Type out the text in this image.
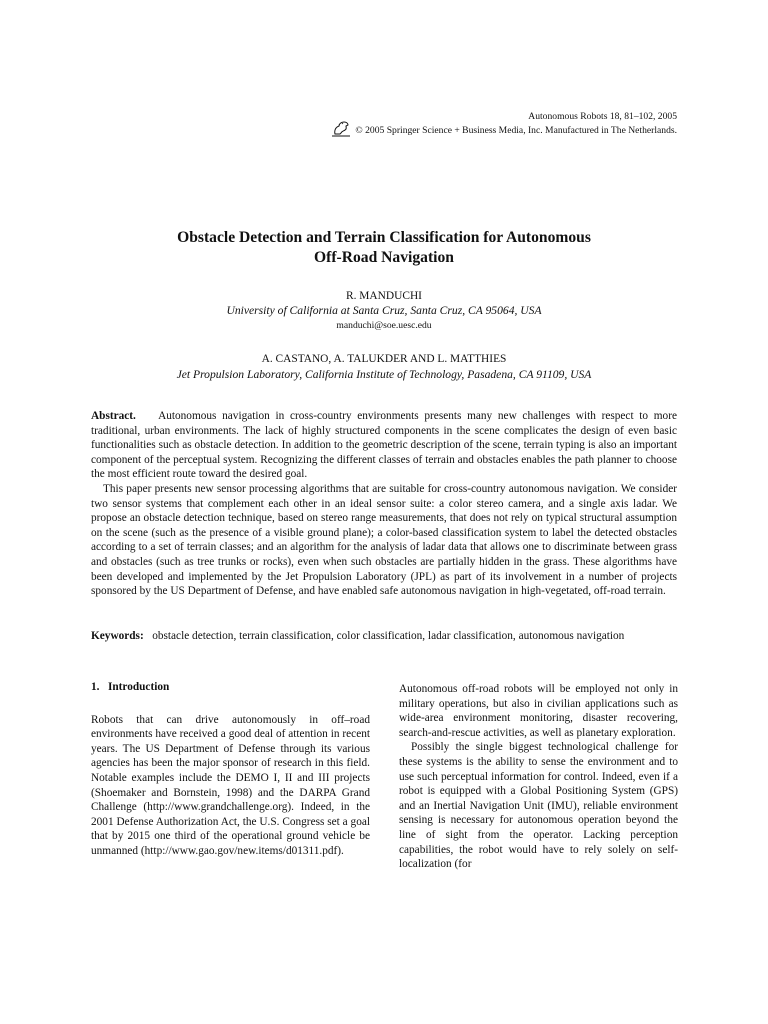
Autonomous Robots 18, 81–102, 2005
© 2005 Springer Science + Business Media, Inc. Manufactured in The Netherlands.
Obstacle Detection and Terrain Classification for Autonomous
Off-Road Navigation
R. MANDUCHI
University of California at Santa Cruz, Santa Cruz, CA 95064, USA
manduchi@soe.uesc.edu
A. CASTANO, A. TALUKDER AND L. MATTHIES
Jet Propulsion Laboratory, California Institute of Technology, Pasadena, CA 91109, USA

Abstract. Autonomous navigation in cross-country environments presents many new challenges with respect to more traditional, urban environments. The lack of highly structured components in the scene complicates the design of even basic functionalities such as obstacle detection. In addition to the geometric description of the scene, terrain typing is also an important component of the perceptual system. Recognizing the different classes of terrain and obstacles enables the path planner to choose the most efficient route toward the desired goal.

This paper presents new sensor processing algorithms that are suitable for cross-country autonomous navigation. We consider two sensor systems that complement each other in an ideal sensor suite: a color stereo camera, and a single axis ladar. We propose an obstacle detection technique, based on stereo range measurements, that does not rely on typical structural assumption on the scene (such as the presence of a visible ground plane); a color-based classification system to label the detected obstacles according to a set of terrain classes; and an algorithm for the analysis of ladar data that allows one to discriminate between grass and obstacles (such as tree trunks or rocks), even when such obstacles are partially hidden in the grass. These algorithms have been developed and implemented by the Jet Propulsion Laboratory (JPL) as part of its involvement in a number of projects sponsored by the US Department of Defense, and have enabled safe autonomous navigation in high-vegetated, off-road terrain.

Keywords: obstacle detection, terrain classification, color classification, ladar classification, autonomous navigation
1. Introduction

Robots that can drive autonomously in off–road environments have received a good deal of attention in recent years. The US Department of Defense through its various agencies has been the major sponsor of research in this field. Notable examples include the DEMO I, II and III projects (Shoemaker and Bornstein, 1998) and the DARPA Grand Challenge (http://www.grandchallenge.org). Indeed, in the 2001 Defense Authorization Act, the U.S. Congress set a goal that by 2015 one third of the operational ground vehicle be unmanned (http://www.gao.gov/new.items/d01311.pdf).

Autonomous off-road robots will be employed not only in military operations, but also in civilian applications such as wide-area environment monitoring, disaster recovering, search-and-rescue activities, as well as planetary exploration.

Possibly the single biggest technological challenge for these systems is the ability to sense the environment and to use such perceptual information for control. Indeed, even if a robot is equipped with a Global Positioning System (GPS) and an Inertial Navigation Unit (IMU), reliable environment sensing is necessary for autonomous operation beyond the line of sight from the operator. Lacking perception capabilities, the robot would have to rely solely on self-localization (for
